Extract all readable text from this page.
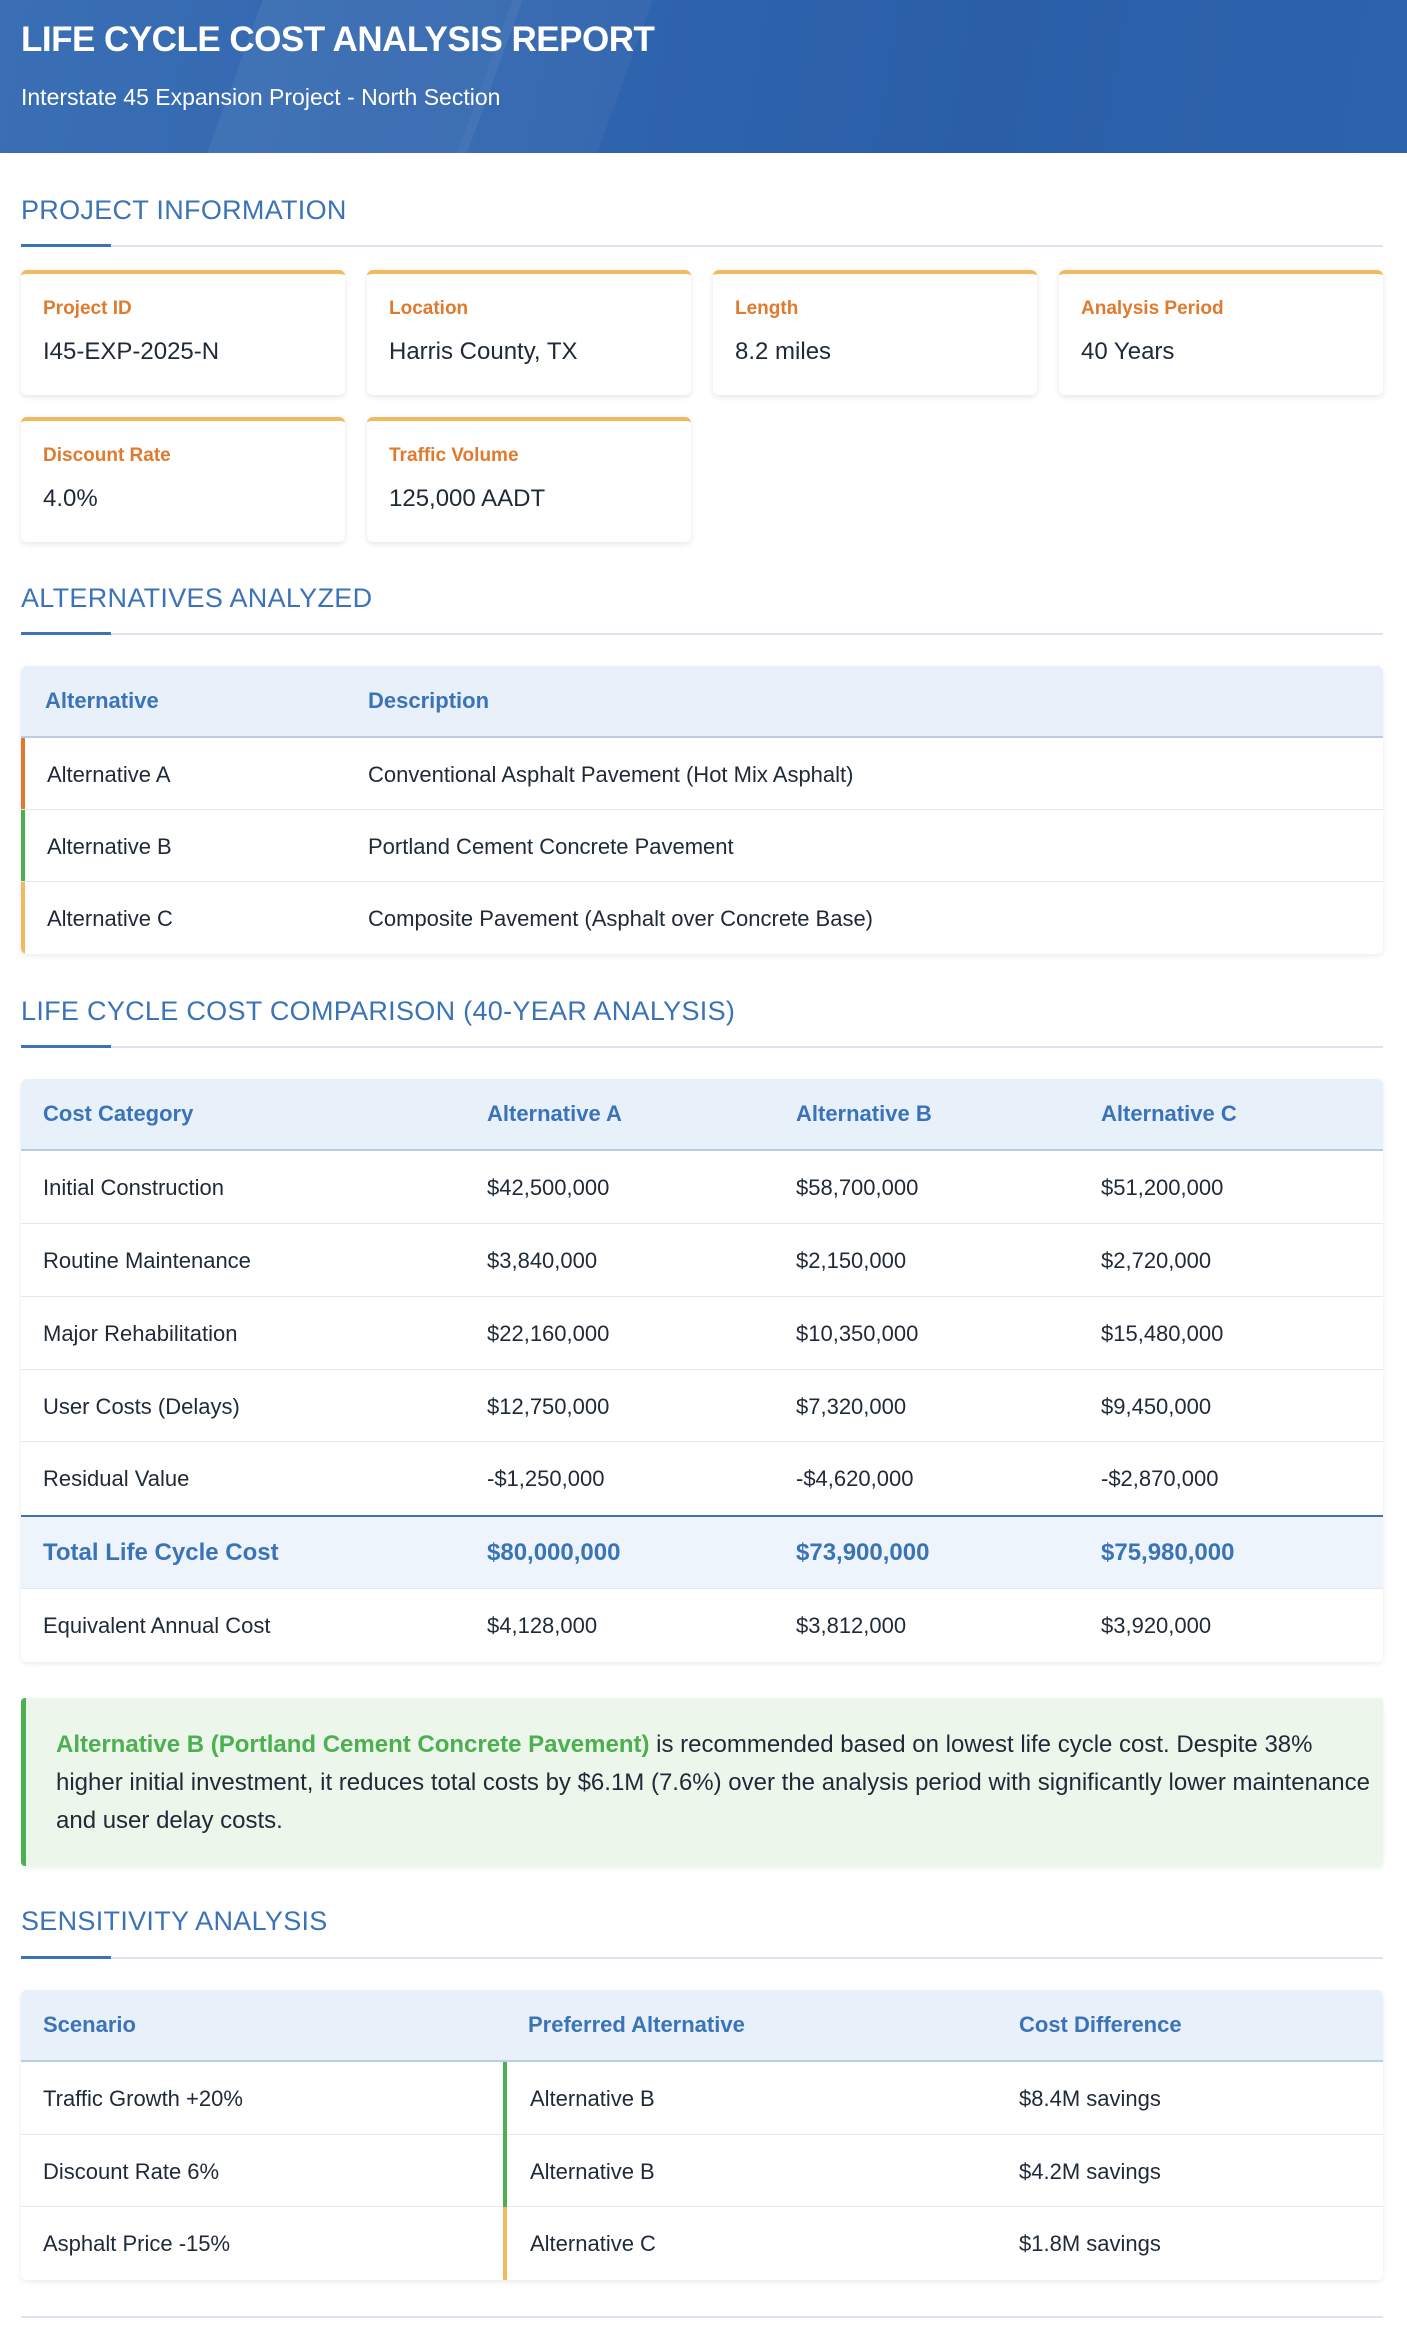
LIFE CYCLE COST ANALYSIS REPORT
Interstate 45 Expansion Project - North Section
PROJECT INFORMATION
Project ID
I45-EXP-2025-N
Location
Harris County, TX
Length
8.2 miles
Analysis Period
40 Years
Discount Rate
4.0%
Traffic Volume
125,000 AADT
ALTERNATIVES ANALYZED
Alternative	Description
Alternative A	Conventional Asphalt Pavement (Hot Mix Asphalt)
Alternative B	Portland Cement Concrete Pavement
Alternative C	Composite Pavement (Asphalt over Concrete Base)
LIFE CYCLE COST COMPARISON (40-YEAR ANALYSIS)
Cost Category	Alternative A	Alternative B	Alternative C
Initial Construction	$42,500,000	$58,700,000	$51,200,000
Routine Maintenance	$3,840,000	$2,150,000	$2,720,000
Major Rehabilitation	$22,160,000	$10,350,000	$15,480,000
User Costs (Delays)	$12,750,000	$7,320,000	$9,450,000
Residual Value	-$1,250,000	-$4,620,000	-$2,870,000
Total Life Cycle Cost	$80,000,000	$73,900,000	$75,980,000
Equivalent Annual Cost	$4,128,000	$3,812,000	$3,920,000

Alternative B (Portland Cement Concrete Pavement) is recommended based on lowest life cycle cost. Despite 38% higher initial investment, it reduces total costs by $6.1M (7.6%) over the analysis period with significantly lower maintenance and user delay costs.

SENSITIVITY ANALYSIS
Scenario	Preferred Alternative	Cost Difference
Traffic Growth +20%	Alternative B	$8.4M savings
Discount Rate 6%	Alternative B	$4.2M savings
Asphalt Price -15%	Alternative C	$1.8M savings
